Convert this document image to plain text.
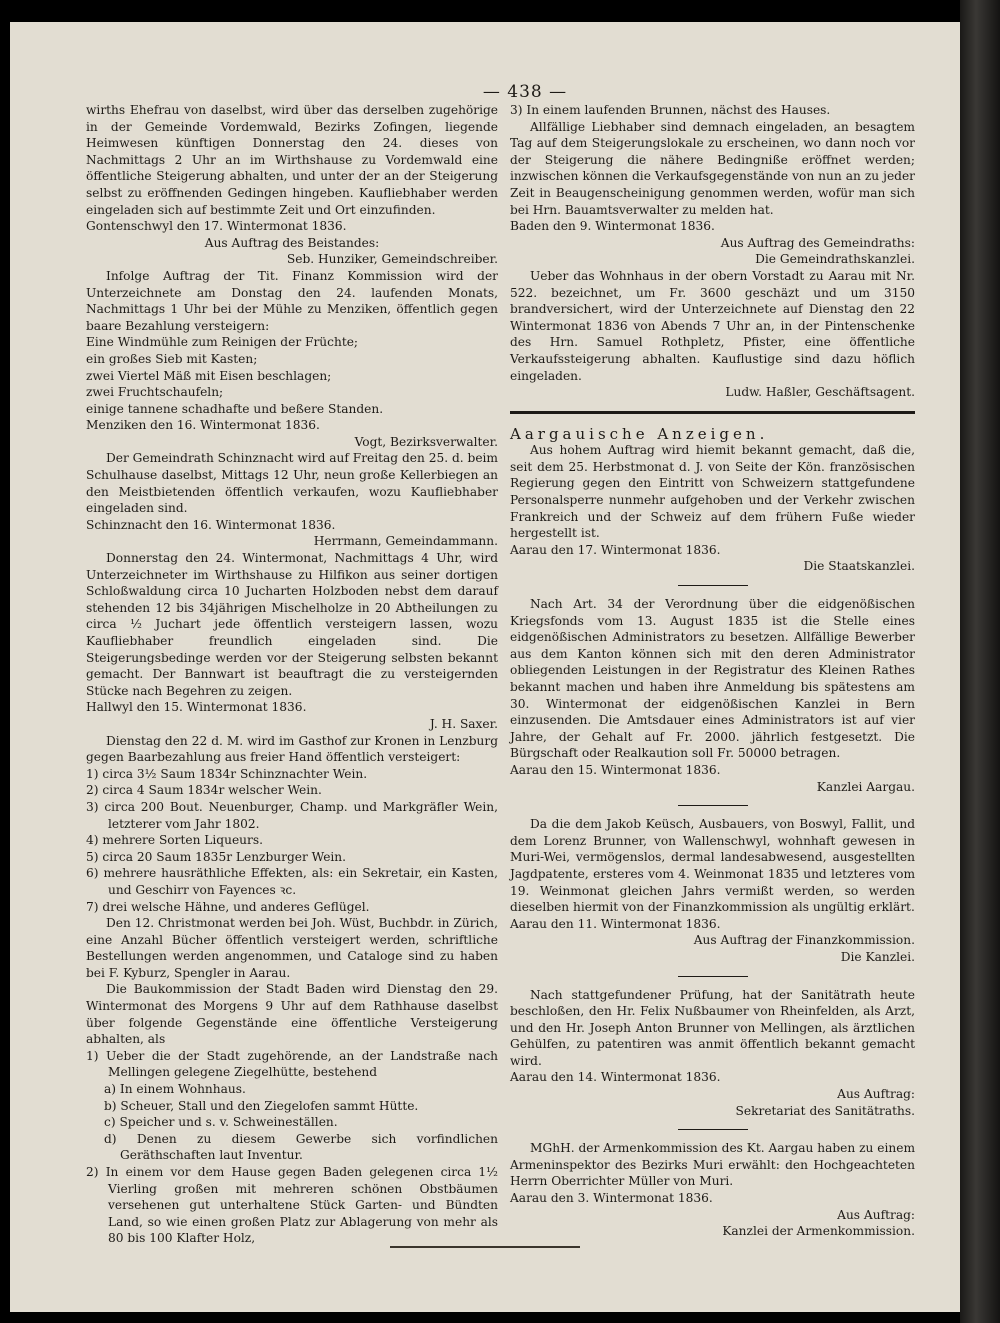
— 438 —

wirths Ehefrau von daselbst, wird über das derselben zugehörige in der Gemeinde Vordemwald, Bezirks Zofingen, liegende Heimwesen künftigen Donnerstag den 24. dieses von Nachmittags 2 Uhr an im Wirthshause zu Vordemwald eine öffentliche Steigerung abhalten, und unter der an der Steigerung selbst zu eröffnenden Gedingen hingeben. Kaufliebhaber werden eingeladen sich auf bestimmte Zeit und Ort einzufinden.

Gontenschwyl den 17. Wintermonat 1836.

Aus Auftrag des Beistandes:

Seb. Hunziker, Gemeindschreiber.

Infolge Auftrag der Tit. Finanz Kommission wird der Unterzeichnete am Donstag den 24. laufenden Monats, Nachmittags 1 Uhr bei der Mühle zu Menziken, öffentlich gegen baare Bezahlung versteigern:

Eine Windmühle zum Reinigen der Früchte;

ein großes Sieb mit Kasten;

zwei Viertel Mäß mit Eisen beschlagen;

zwei Fruchtschaufeln;

einige tannene schadhafte und beßere Standen.

Menziken den 16. Wintermonat 1836.

Vogt, Bezirksverwalter.

Der Gemeindrath Schinznacht wird auf Freitag den 25. d. beim Schulhause daselbst, Mittags 12 Uhr, neun große Kellerbiegen an den Meistbietenden öffentlich verkaufen, wozu Kaufliebhaber eingeladen sind.

Schinznacht den 16. Wintermonat 1836.

Herrmann, Gemeindammann.

Donnerstag den 24. Wintermonat, Nachmittags 4 Uhr, wird Unterzeichneter im Wirthshause zu Hilfikon aus seiner dortigen Schloßwaldung circa 10 Jucharten Holzboden nebst dem darauf stehenden 12 bis 34jährigen Mischelholze in 20 Abtheilungen zu circa ½ Juchart jede öffentlich versteigern lassen, wozu Kaufliebhaber freundlich eingeladen sind. Die Steigerungsbedinge werden vor der Steigerung selbsten bekannt gemacht. Der Bannwart ist beauftragt die zu versteigernden Stücke nach Begehren zu zeigen.

Hallwyl den 15. Wintermonat 1836.

J. H. Saxer.

Dienstag den 22 d. M. wird im Gasthof zur Kronen in Lenzburg gegen Baarbezahlung aus freier Hand öffentlich versteigert:

1) circa 3½ Saum 1834r Schinznachter Wein.

2) circa 4 Saum 1834r welscher Wein.

3) circa 200 Bout. Neuenburger, Champ. und Markgräfler Wein, letzterer vom Jahr 1802.

4) mehrere Sorten Liqueurs.

5) circa 20 Saum 1835r Lenzburger Wein.

6) mehrere hausräthliche Effekten, als: ein Sekretair, ein Kasten, und Geschirr von Fayences ꝛc.

7) drei welsche Hähne, und anderes Geflügel.

Den 12. Christmonat werden bei Joh. Wüst, Buchbdr. in Zürich, eine Anzahl Bücher öffentlich versteigert werden, schriftliche Bestellungen werden angenommen, und Cataloge sind zu haben bei F. Kyburz, Spengler in Aarau.

Die Baukommission der Stadt Baden wird Dienstag den 29. Wintermonat des Morgens 9 Uhr auf dem Rathhause daselbst über folgende Gegenstände eine öffentliche Versteigerung abhalten, als

1) Ueber die der Stadt zugehörende, an der Landstraße nach Mellingen gelegene Ziegelhütte, bestehend

a) In einem Wohnhaus.

b) Scheuer, Stall und den Ziegelofen sammt Hütte.

c) Speicher und s. v. Schweineställen.

d) Denen zu diesem Gewerbe sich vorfindlichen Geräthschaften laut Inventur.

2) In einem vor dem Hause gegen Baden gelegenen circa 1½ Vierling großen mit mehreren schönen Obstbäumen versehenen gut unterhaltene Stück Garten- und Bündten Land, so wie einen großen Platz zur Ablagerung von mehr als 80 bis 100 Klafter Holz,

3) In einem laufenden Brunnen, nächst des Hauses.

Allfällige Liebhaber sind demnach eingeladen, an besagtem Tag auf dem Steigerungslokale zu erscheinen, wo dann noch vor der Steigerung die nähere Bedingniße eröffnet werden; inzwischen können die Verkaufsgegenstände von nun an zu jeder Zeit in Beaugenscheinigung genommen werden, wofür man sich bei Hrn. Bauamtsverwalter zu melden hat.

Baden den 9. Wintermonat 1836.

Aus Auftrag des Gemeindraths:

Die Gemeindrathskanzlei.

Ueber das Wohnhaus in der obern Vorstadt zu Aarau mit Nr. 522. bezeichnet, um Fr. 3600 geschäzt und um 3150 brandversichert, wird der Unterzeichnete auf Dienstag den 22 Wintermonat 1836 von Abends 7 Uhr an, in der Pintenschenke des Hrn. Samuel Rothpletz, Pfister, eine öffentliche Verkaufssteigerung abhalten. Kauflustige sind dazu höflich eingeladen.

Ludw. Haßler, Geschäftsagent.

Aargauische Anzeigen.

Aus hohem Auftrag wird hiemit bekannt gemacht, daß die, seit dem 25. Herbstmonat d. J. von Seite der Kön. französischen Regierung gegen den Eintritt von Schweizern stattgefundene Personalsperre nunmehr aufgehoben und der Verkehr zwischen Frankreich und der Schweiz auf dem frühern Fuße wieder hergestellt ist.

Aarau den 17. Wintermonat 1836.

Die Staatskanzlei.

Nach Art. 34 der Verordnung über die eidgenößischen Kriegsfonds vom 13. August 1835 ist die Stelle eines eidgenößischen Administrators zu besetzen. Allfällige Bewerber aus dem Kanton können sich mit den deren Administrator obliegenden Leistungen in der Registratur des Kleinen Rathes bekannt machen und haben ihre Anmeldung bis spätestens am 30. Wintermonat der eidgenößischen Kanzlei in Bern einzusenden. Die Amtsdauer eines Administrators ist auf vier Jahre, der Gehalt auf Fr. 2000. jährlich festgesetzt. Die Bürgschaft oder Realkaution soll Fr. 50000 betragen.

Aarau den 15. Wintermonat 1836.

Kanzlei Aargau.

Da die dem Jakob Keüsch, Ausbauers, von Boswyl, Fallit, und dem Lorenz Brunner, von Wallenschwyl, wohnhaft gewesen in Muri-Wei, vermögenslos, dermal landesabwesend, ausgestellten Jagdpatente, ersteres vom 4. Weinmonat 1835 und letzteres vom 19. Weinmonat gleichen Jahrs vermißt werden, so werden dieselben hiermit von der Finanzkommission als ungültig erklärt.

Aarau den 11. Wintermonat 1836.

Aus Auftrag der Finanzkommission.

Die Kanzlei.

Nach stattgefundener Prüfung, hat der Sanitätrath heute beschloßen, den Hr. Felix Nußbaumer von Rheinfelden, als Arzt, und den Hr. Joseph Anton Brunner von Mellingen, als ärztlichen Gehülfen, zu patentiren was anmit öffentlich bekannt gemacht wird.

Aarau den 14. Wintermonat 1836.

Aus Auftrag:

Sekretariat des Sanitätraths.

MGhH. der Armenkommission des Kt. Aargau haben zu einem Armeninspektor des Bezirks Muri erwählt: den Hochgeachteten Herrn Oberrichter Müller von Muri.

Aarau den 3. Wintermonat 1836.

Aus Auftrag:

Kanzlei der Armenkommission.
